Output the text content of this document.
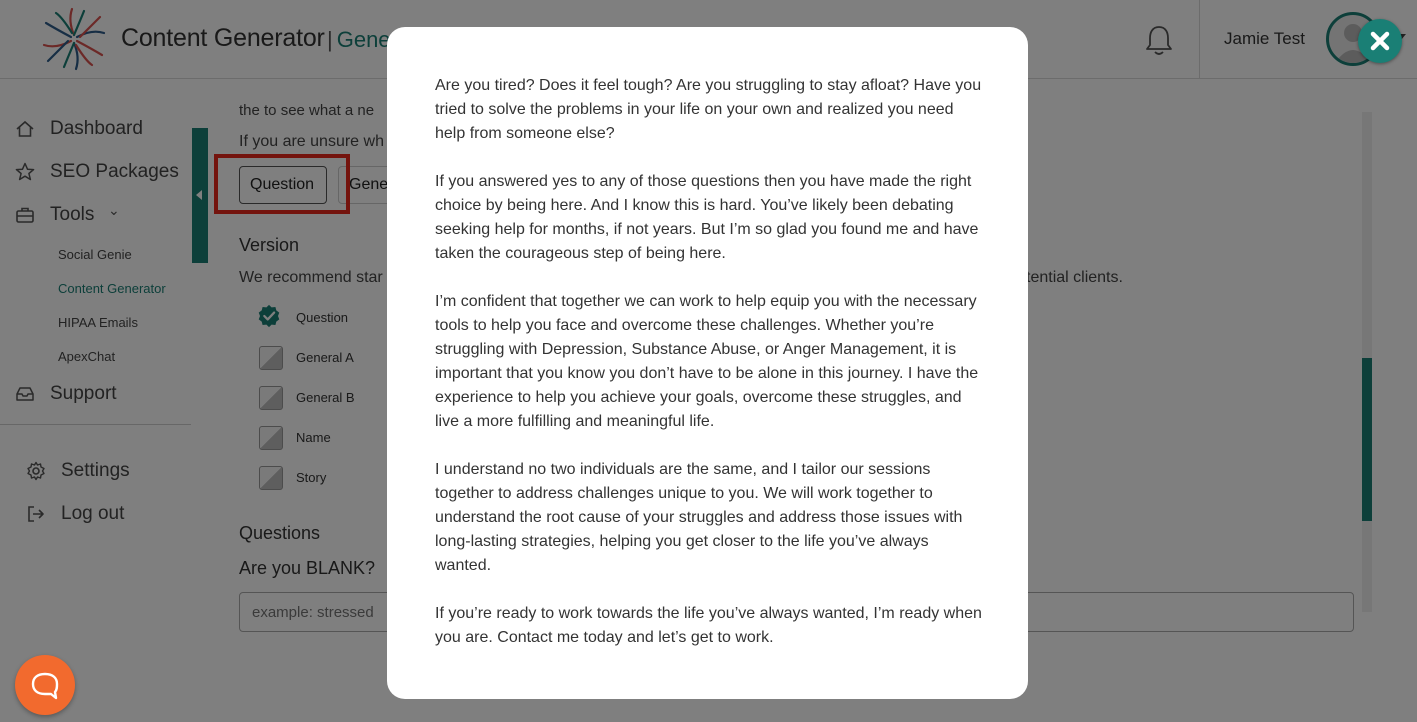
example: stressed

Are you tired? Does it feel tough? Are you struggling to stay afloat? Have you tried to solve the problems in your life on your own and realized you need help from someone else?

If you answered yes to any of those questions then you have made the right choice by being here. And I know this is hard. You’ve likely been debating seeking help for months, if not years. But I’m so glad you found me and have taken the courageous step of being here.

I’m confident that together we can work to help equip you with the necessary tools to help you face and overcome these challenges. Whether you’re struggling with Depression, Substance Abuse, or Anger Management, it is important that you know you don’t have to be alone in this journey. I have the experience to help you achieve your goals, overcome these struggles, and live a more fulfilling and meaningful life.

I understand no two individuals are the same, and I tailor our sessions together to address challenges unique to you. We will work together to understand the root cause of your struggles and address those issues with long-lasting strategies, helping you get closer to the life you’ve always wanted.

If you’re ready to work towards the life you’ve always wanted, I’m ready when you are. Contact me today and let’s get to work.
